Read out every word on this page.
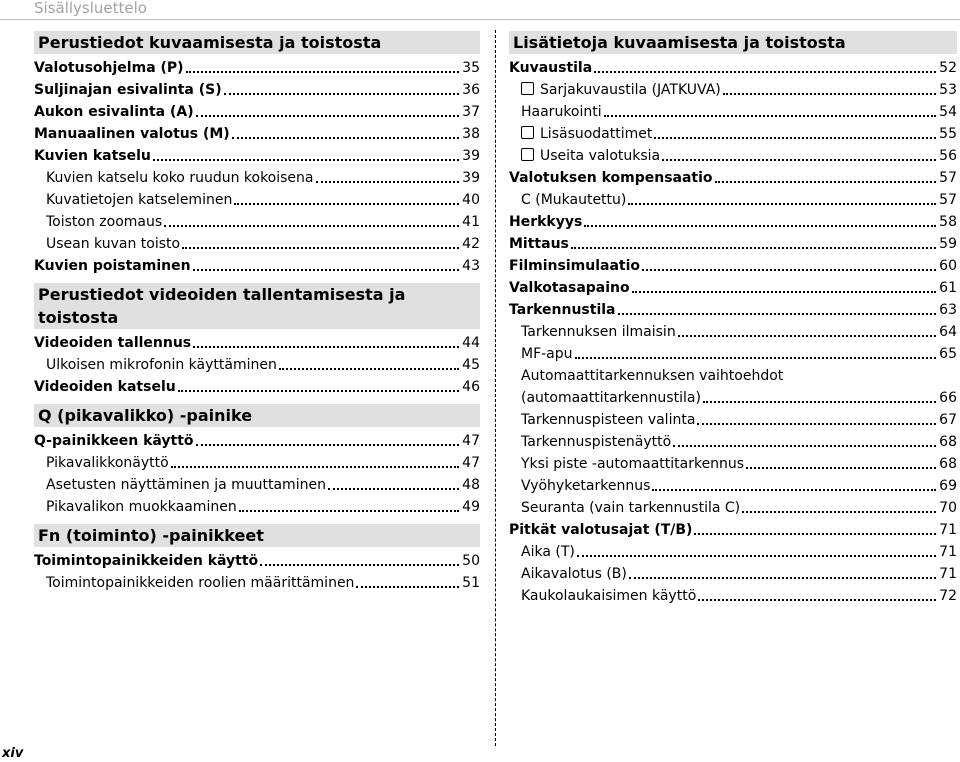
Sisällysluettelo
Perustiedot kuvaamisesta ja toistosta
Valotusohjelma (P)	35
Suljinajan esivalinta (S)	36
Aukon esivalinta (A)	37
Manuaalinen valotus (M)	38
Kuvien katselu	39
Kuvien katselu koko ruudun kokoisena	39
Kuvatietojen katseleminen	40
Toiston zoomaus	41
Usean kuvan toisto	42
Kuvien poistaminen	43
Perustiedot videoiden tallentamisesta ja toistosta
Videoiden tallennus	44
Ulkoisen mikrofonin käyttäminen	45
Videoiden katselu	46
Q (pikavalikko) -painike
Q-painikkeen käyttö	47
Pikavalikkonäyttö	47
Asetusten näyttäminen ja muuttaminen	48
Pikavalikon muokkaaminen	49
Fn (toiminto) -painikkeet
Toimintopainikkeiden käyttö	50
Toimintopainikkeiden roolien määrittäminen	51
Lisätietoja kuvaamisesta ja toistosta
Kuvaustila	52
Sarjakuvaustila (JATKUVA)	53
Haarukointi	54
Lisäsuodattimet	55
Useita valotuksia	56
Valotuksen kompensaatio	57
C (Mukautettu)	57
Herkkyys	58
Mittaus	59
Filminsimulaatio	60
Valkotasapaino	61
Tarkennustila	63
Tarkennuksen ilmaisin	64
MF-apu	65
Automaattitarkennuksen vaihtoehdot
(automaattitarkennustila)	66
Tarkennuspisteen valinta	67
Tarkennuspistenäyttö	68
Yksi piste -automaattitarkennus	68
Vyöhyketarkennus	69
Seuranta (vain tarkennustila C)	70
Pitkät valotusajat (T/B)	71
Aika (T)	71
Aikavalotus (B)	71
Kaukolaukaisimen käyttö	72
xiv
